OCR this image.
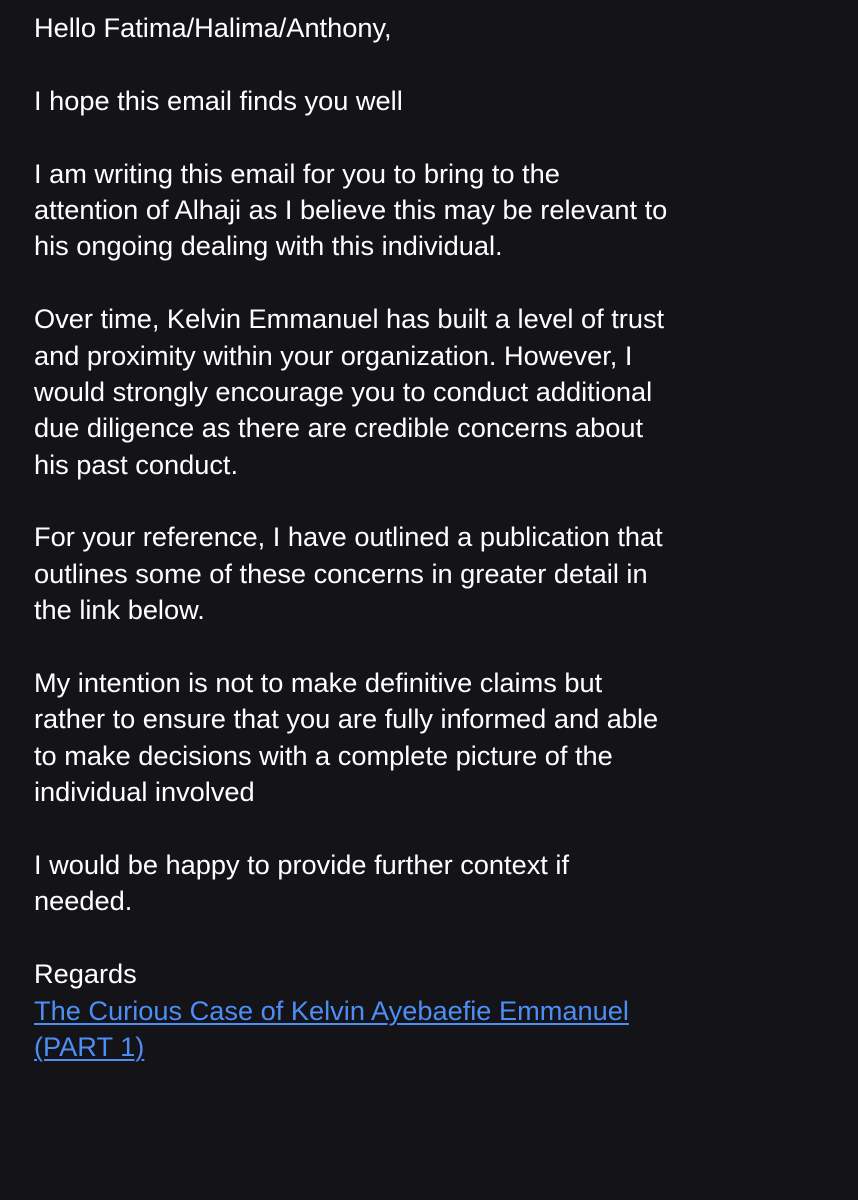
Hello Fatima/Halima/Anthony,
I hope this email finds you well
I am writing this email for you to bring to the
attention of Alhaji as I believe this may be relevant to
his ongoing dealing with this individual.
Over time, Kelvin Emmanuel has built a level of trust
and proximity within your organization. However, I
would strongly encourage you to conduct additional
due diligence as there are credible concerns about
his past conduct.
For your reference, I have outlined a publication that
outlines some of these concerns in greater detail in
the link below.
My intention is not to make definitive claims but
rather to ensure that you are fully informed and able
to make decisions with a complete picture of the
individual involved
I would be happy to provide further context if
needed.
Regards
The Curious Case of Kelvin Ayebaefie Emmanuel
(PART 1)
